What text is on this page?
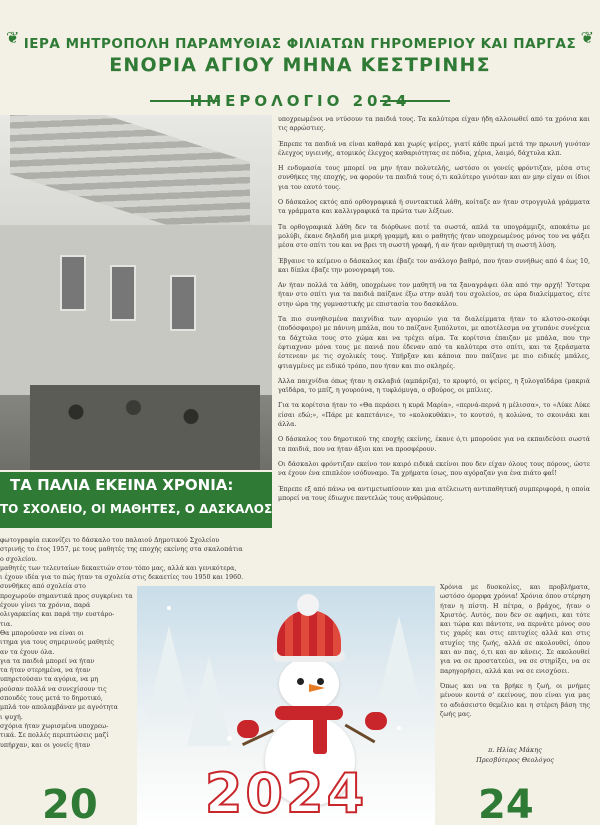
❦	❦
ΙΕΡΑ ΜΗΤΡΟΠΟΛΗ ΠΑΡΑΜΥΘΙΑΣ ΦΙΛΙΑΤΩΝ ΓΗΡΟΜΕΡΙΟΥ ΚΑΙ ΠΑΡΓΑΣ
ΕΝΟΡΙΑ ΑΓΙΟΥ ΜΗΝΑ ΚΕΣΤΡΙΝΗΣ
ΗΜΕΡΟΛΟΓΙΟ 2024
ΤΑ ΠΑΛΙΑ ΕΚΕΙΝΑ ΧΡΟΝΙΑ:
ΤΟ ΣΧΟΛΕΙΟ, ΟΙ ΜΑΘΗΤΕΣ, Ο ΔΑΣΚΑΛΟΣ
φωτογραφία εικονίζει το δάσκαλο του παλαιού Δημοτικού Σχολείου
στρινής το έτος 1957, με τους μαθητές της εποχής εκείνης στα σκαλοπάτια
ο σχολείου.
μαθητές των τελευταίων δεκαετιών στον τόπο μας, αλλά και γενικότερα,
ι έχουν ιδέα για το πώς ήταν τα σχολεία στις δεκαετίες του 1950 και 1960.
συνθήκες από σχολεία στο
προχωρούν σημαντικά προς συγκρίνει τα
έχουν γίνει τα χρόνια, παρά
ολιγαρκείας και παρά την ευστάρο-
τια.
Θα μπορούσαν να είναι οι
ιτημα για τους σημερινούς μαθητές
αν τα έχουν όλα.
για τα παιδιά μπορεί να ήταν
τα ήταν στερημένα, να ήταν
υπηρετούσαν τα αγόρια, να μη
ρούσαν πολλά να συνεχίσουν τις
σπουδές τους μετά το δημοτικό,
μπλά τον απολαμβάναν με αγνότητα
ι ψυχή.
σχόρια ήταν χωρισμένα υποχρεω-
τικά. Σε πολλές περιπτώσεις μαζί
υπήρχαν, και οι γονείς ήταν

υποχρεωμένοι να ντύσουν τα παιδιά τους. Τα καλύτερα είχαν ήδη αλλοιωθεί από τα χρόνια και τις αρρώστιες.

Έπρεπε τα παιδιά να είναι καθαρά και χωρίς ψείρες, γιατί κάθε πρωί μετά την πρωινή γινόταν έλεγχος υγιεινής, ατομικός έλεγχος καθαριότητας σε πόδια, χέρια, λαιμό, δάχτυλα κλπ.

Η ενδυμασία τους μπορεί να μην ήταν πολυτελής, ωστόσο οι γονείς φρόντιζαν, μέσα στις συνθήκες της εποχής, να φορούν τα παιδιά τους ό,τι καλύτερο γινόταν και αν μην είχαν οι ίδιοι για τον εαυτό τους.

Ο δάσκαλος εκτός από ορθογραφικά ή συντακτικά λάθη, κοίταζε αν ήταν στρογγυλά γράμματα τα γράμματα και καλλιγραφικά τα πρώτα των λέξεων.

Τα ορθογραφικά λάθη δεν τα διόρθωνε ποτέ τα σωστά, απλά τα υπογράμμιζε, αποκάτω με μολύβι, έκανε δηλαδή μια μικρή γραμμή, και ο μαθητής ήταν υποχρεωμένος μόνος του να ψάξει μέσα στο σπίτι του και να βρει τη σωστή γραφή, ή αν ήταν αριθμητική τη σωστή λύση.

Έβγαινε το κείμενο ο δάσκαλος και έβαζε τον ανάλογο βαθμό, που ήταν συνήθως από 4 έως 10, και δίπλα έβαζε την μονογραφή του.

Αν ήταν πολλά τα λάθη, υποχρέωνε τον μαθητή να τα ξαναγράψει όλα από την αρχή! Ύστερα ήταν στο σπίτι για τα παιδιά παίζανε έξω στην αυλή του σχολείου, σε ώρα διαλείμματος, είτε στην ώρα της γυμναστικής με επιστασία του δασκάλου.

Τα πιο συνηθισμένα παιχνίδια των αγοριών για τα διαλείμματα ήταν το κλοτσο-σκούφι (ποδόσφαιρο) με πάνινη μπάλα, που το παίζανε ξυπόλυτοι, με αποτέλεσμα να χτυπάνε συνέχεια τα δάχτυλα τους στο χώμα και να τρέχει αίμα. Τα κορίτσια έπαιζαν με μπάλα, που την έφτιαχναν μόνα τους με πανιά που έδεναν από τα καλύτερα στο σπίτι, και τα ξεράσματα έστενεαν με τις σχολικές τους. Υπήρξαν και κάποια που παίζανε με πιο ειδικές μπάλες, φτιαγμένες με ειδικό τρόπο, που ήταν και πιο σκληρές.

Άλλα παιχνίδια όπως ήταν η σκλαβιά (αμπάριζα), το κρυφτό, οι ψείρες, η ξυλογαϊδάρα (μακριά γαϊδάρα, το μπίζ, η γουρούνα, η τυφλόμυγα, ο σβούρος, οι μπίλιες.

Για τα κορίτσια ήταν το «Θα περάσει η κυρά Μαρία», «περνά-περνά η μέλισσα», το «Λύκε Λύκε είσαι εδώ;», «Πάρε με καπετάνιε», το «κολοκυθάκι», το κουτσό, η κολώνα, το σκοινάκι και άλλα.

Ο δάσκαλος του δημοτικού της εποχής εκείνης, έκανε ό,τι μπορούσε για να εκπαιδεύσει σωστά τα παιδιά, που να ήταν άξιοι και να προσφέρουν.

Οι δάσκαλοι φρόντιζαν εκείνο τον καιρό ειδικά εκείνοι που δεν είχαν όλους τους πόρους, ώστε να έχουν ένα επιπλέον ισόδυναμο. Τα χρήματα ίσως, που αγόραζαν για ένα πιάτο φαΐ!

Έπρεπε εξ από πάνω να αντιμετωπίσουν και μια ατέλειωτη αντιπαθητική συμπεριφορά, η οποία μπορεί να τους έδιωχνε παντελώς τους ανθρώπους.

Χρόνια με δυσκολίες, και προβλήματα, ωστόσο όμορφα χρόνια! Χρόνια όπου στέρηση ήταν η πίστη. Η πέτρα, ο βράχος, ήταν ο Χριστός. Αυτός, που δεν σε αφήνει, και τότε και τώρα και πάντοτε, να περνάτε μόνος σου τις χαρές και στις επιτυχίες αλλά και στις ατυχίες της ζωής, αλλά σε ακολουθεί, όπου και αν πας, ό,τι και αν κάνεις. Σε ακολουθεί για να σε προστατεύει, να σε στηρίξει, να σε παρηγορήσει, αλλά και να σε ενισχύσει.

Όπως και να τα βρήκε η ζωή, οι μνήμες μένουν κοντά σ' εκείνους, που είναι για μας το αδιάσειστο θεμέλιο και η στέρεη βάση της ζωής μας.

π. Ηλίας Μάκης
Πρεσβύτερος Θεολόγος
2024
20	24
